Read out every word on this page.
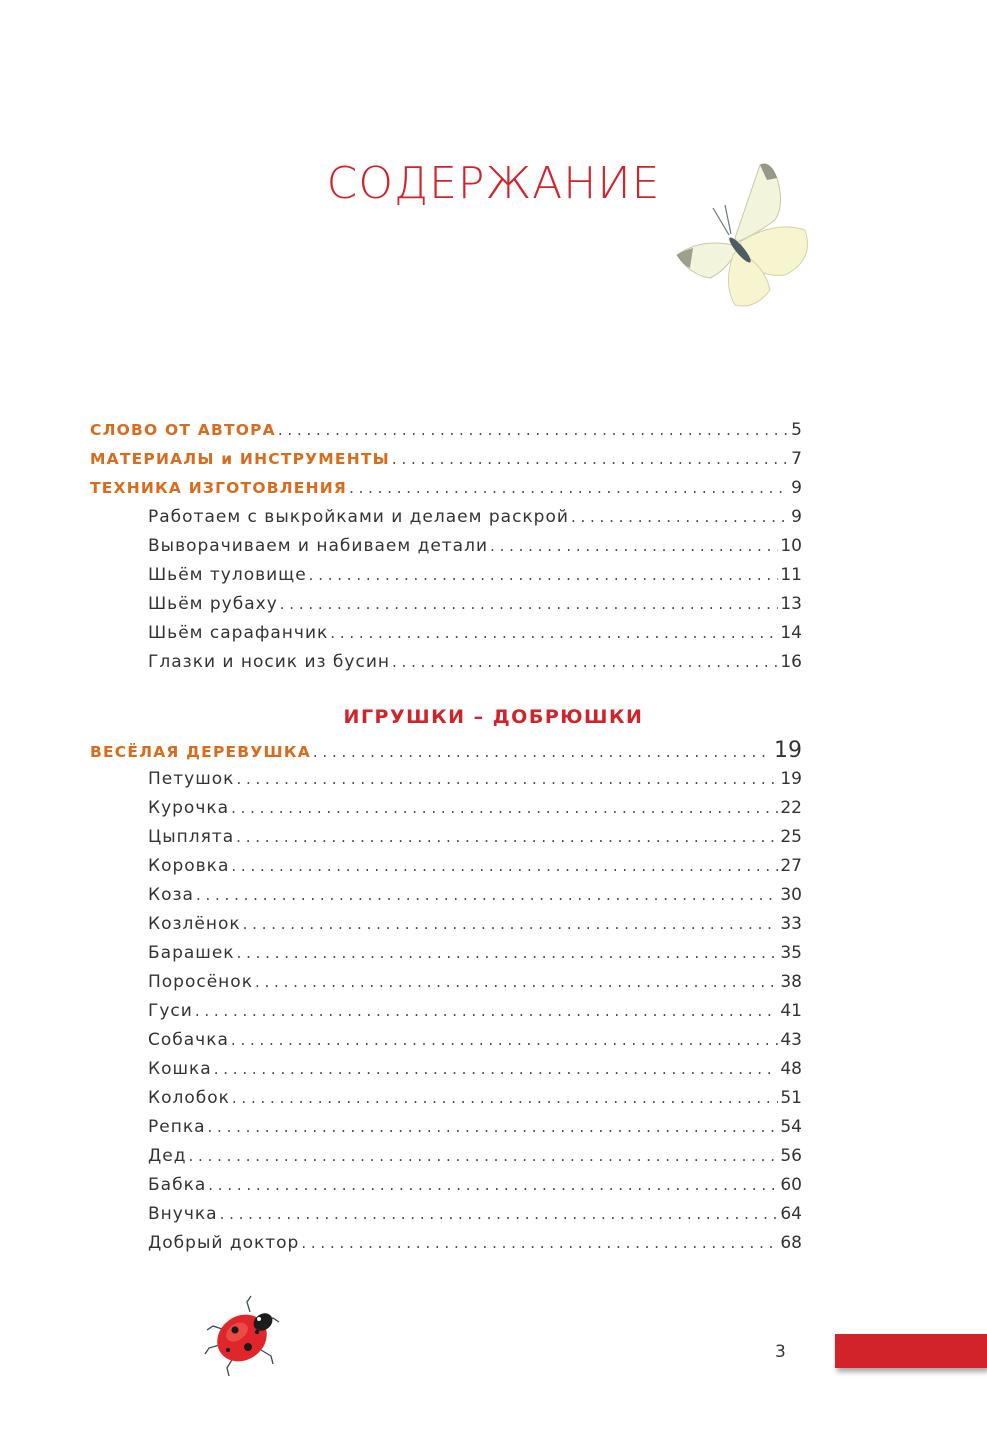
СОДЕРЖАНИЕ
СЛОВО ОТ АВТОРА . . .	5
МАТЕРИАЛЫ и ИНСТРУМЕНТЫ . . .	7
ТЕХНИКА ИЗГОТОВЛЕНИЯ . . .	9
Работаем с выкройками и делаем раскрой . . .	9
Выворачиваем и набиваем детали . . .	10
Шьём туловище . . .	11
Шьём рубаху . . .	13
Шьём сарафанчик . . .	14
Глазки и носик из бусин . . .	16
ИГРУШКИ – ДОБРЮШКИ
ВЕСЁЛАЯ ДЕРЕВУШКА . . .	19
Петушок . . .	19
Курочка . . .	22
Цыплята . . .	25
Коровка . . .	27
Коза . . .	30
Козлёнок . . .	33
Барашек . . .	35
Поросёнок . . .	38
Гуси . . .	41
Собачка . . .	43
Кошка . . .	48
Колобок . . .	51
Репка . . .	54
Дед . . .	56
Бабка . . .	60
Внучка . . .	64
Добрый доктор . . .	68
3
